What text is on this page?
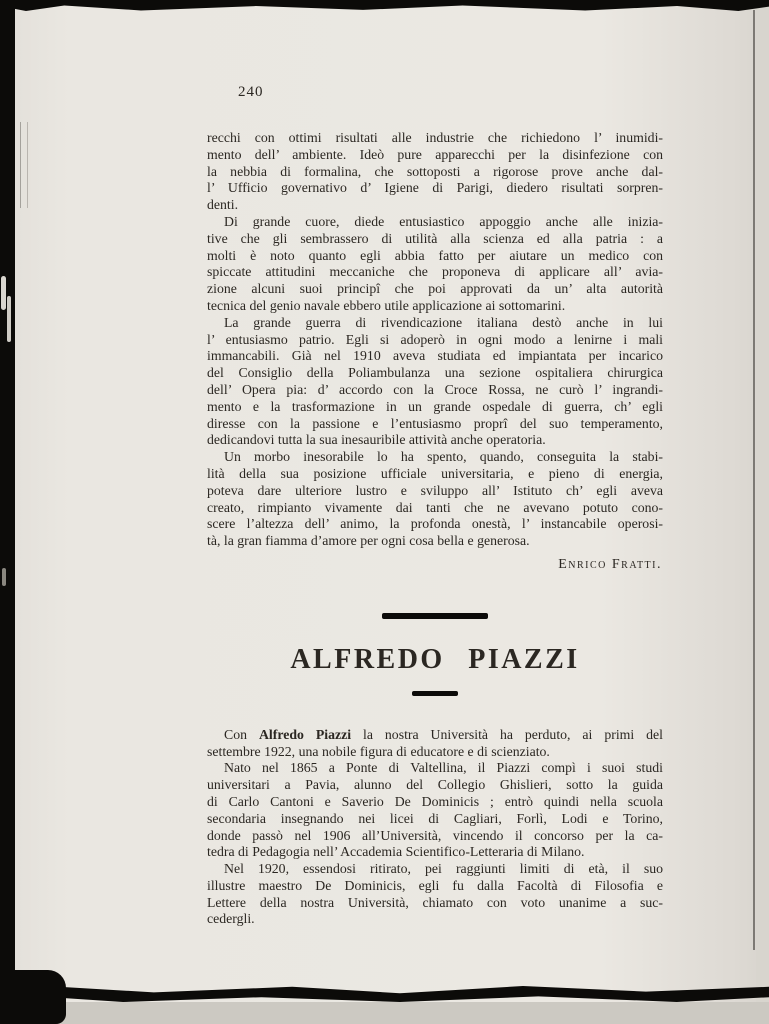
240
recchi con ottimi risultati alle industrie che richiedono l’ inumidi-
mento dell’ ambiente. Ideò pure apparecchi per la disinfezione con
la nebbia di formalina, che sottoposti a rigorose prove anche dal-
l’ Ufficio governativo d’ Igiene di Parigi, diedero risultati sorpren-
denti.
Di grande cuore, diede entusiastico appoggio anche alle inizia-
tive che gli sembrassero di utilità alla scienza ed alla patria : a
molti è noto quanto egli abbia fatto per aiutare un medico con
spiccate attitudini meccaniche che proponeva di applicare all’ avia-
zione alcuni suoi principî che poi approvati da un’ alta autorità
tecnica del genio navale ebbero utile applicazione ai sottomarini.
La grande guerra di rivendicazione italiana destò anche in lui
l’ entusiasmo patrio. Egli si adoperò in ogni modo a lenirne i mali
immancabili. Già nel 1910 aveva studiata ed impiantata per incarico
del Consiglio della Poliambulanza una sezione ospitaliera chirurgica
dell’ Opera pia: d’ accordo con la Croce Rossa, ne curò l’ ingrandi-
mento e la trasformazione in un grande ospedale di guerra, ch’ egli
diresse con la passione e l’entusiasmo proprî del suo temperamento,
dedicandovi tutta la sua inesauribile attività anche operatoria.
Un morbo inesorabile lo ha spento, quando, conseguita la stabi-
lità della sua posizione ufficiale universitaria, e pieno di energia,
poteva dare ulteriore lustro e sviluppo all’ Istituto ch’ egli aveva
creato, rimpianto vivamente dai tanti che ne avevano potuto cono-
scere l’altezza dell’ animo, la profonda onestà, l’ instancabile operosi-
tà, la gran fiamma d’amore per ogni cosa bella e generosa.
Enrico Fratti.
ALFREDO PIAZZI
Con Alfredo Piazzi la nostra Università ha perduto, ai primi del
settembre 1922, una nobile figura di educatore e di scienziato.
Nato nel 1865 a Ponte di Valtellina, il Piazzi compì i suoi studi
universitari a Pavia, alunno del Collegio Ghislieri, sotto la guida
di Carlo Cantoni e Saverio De Dominicis ; entrò quindi nella scuola
secondaria insegnando nei licei di Cagliari, Forlì, Lodi e Torino,
donde passò nel 1906 all’Università, vincendo il concorso per la ca-
tedra di Pedagogia nell’ Accademia Scientifico-Letteraria di Milano.
Nel 1920, essendosi ritirato, pei raggiunti limiti di età, il suo
illustre maestro De Dominicis, egli fu dalla Facoltà di Filosofia e
Lettere della nostra Università, chiamato con voto unanime a suc-
cedergli.
